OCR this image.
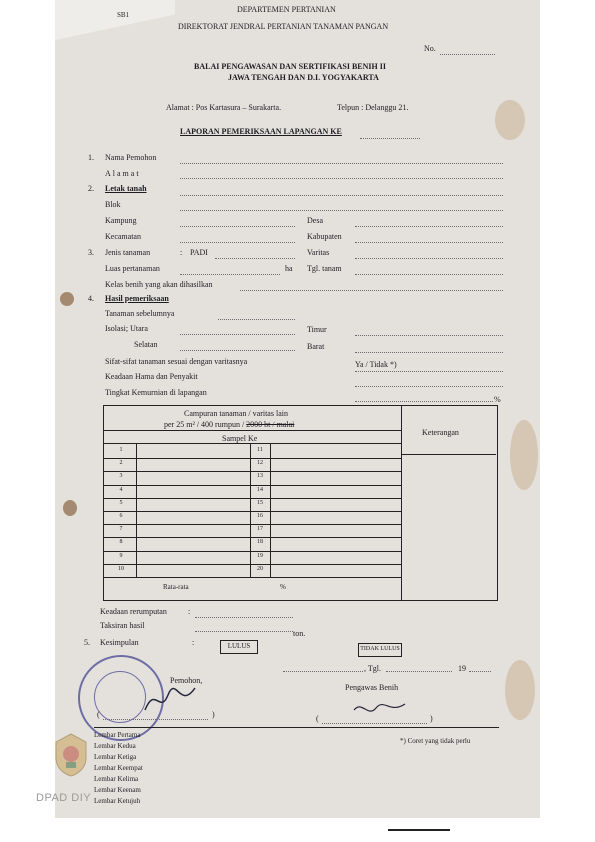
SB1
DEPARTEMEN PERTANIAN
DIREKTORAT JENDRAL PERTANIAN TANAMAN PANGAN
No.
BALAI PENGAWASAN DAN SERTIFIKASI BENIH II
JAWA TENGAH DAN D.I. YOGYAKARTA
Alamat : Pos Kartasura – Surakarta.	Telpun : Delanggu 21.
LAPORAN PEMERIKSAAN LAPANGAN KE
1. Nama Pemohon
Alamat
2. Letak tanah
Blok
Kampung	Desa
Kecamatan	Kabupaten
3. Jenis tanaman	: PADI	Varitas
Luas pertanaman	ha Tgl. tanam
Kelas benih yang akan dihasilkan
4. Hasil pemeriksaan
Tanaman sebelumnya
Isolasi; Utara	Timur
Selatan	Barat
Sifat-sifat tanaman sesuai dengan varitasnya	Ya / Tidak *)
Keadaan Hama dan Penyakit
Tingkat Kemurnian di lapangan
%
Campuran tanaman / varitas lain
per 25 m² / 400 rumpun / 2000 bt / malai
Keterangan
Sampel Ke
1	11
2	12
3	13
4	14
5	15
6	16
7	17
8	18
9	19
10	20
Rata-rata	%
Keadaan rerumputan	:
Taksiran hasil
ton.
5. Kesimpulan	:	LULUS	TIDAK LULUS
, Tgl.	19
Pemohon,
Pengawas Benih
(	)	(	)
*) Coret yang tidak perlu
Lembar Pertama
Lembar Kedua
Lembar Ketiga
Lembar Keempat
Lembar Kelima
Lembar Keenam
Lembar Ketujuh
DPAD DIY
